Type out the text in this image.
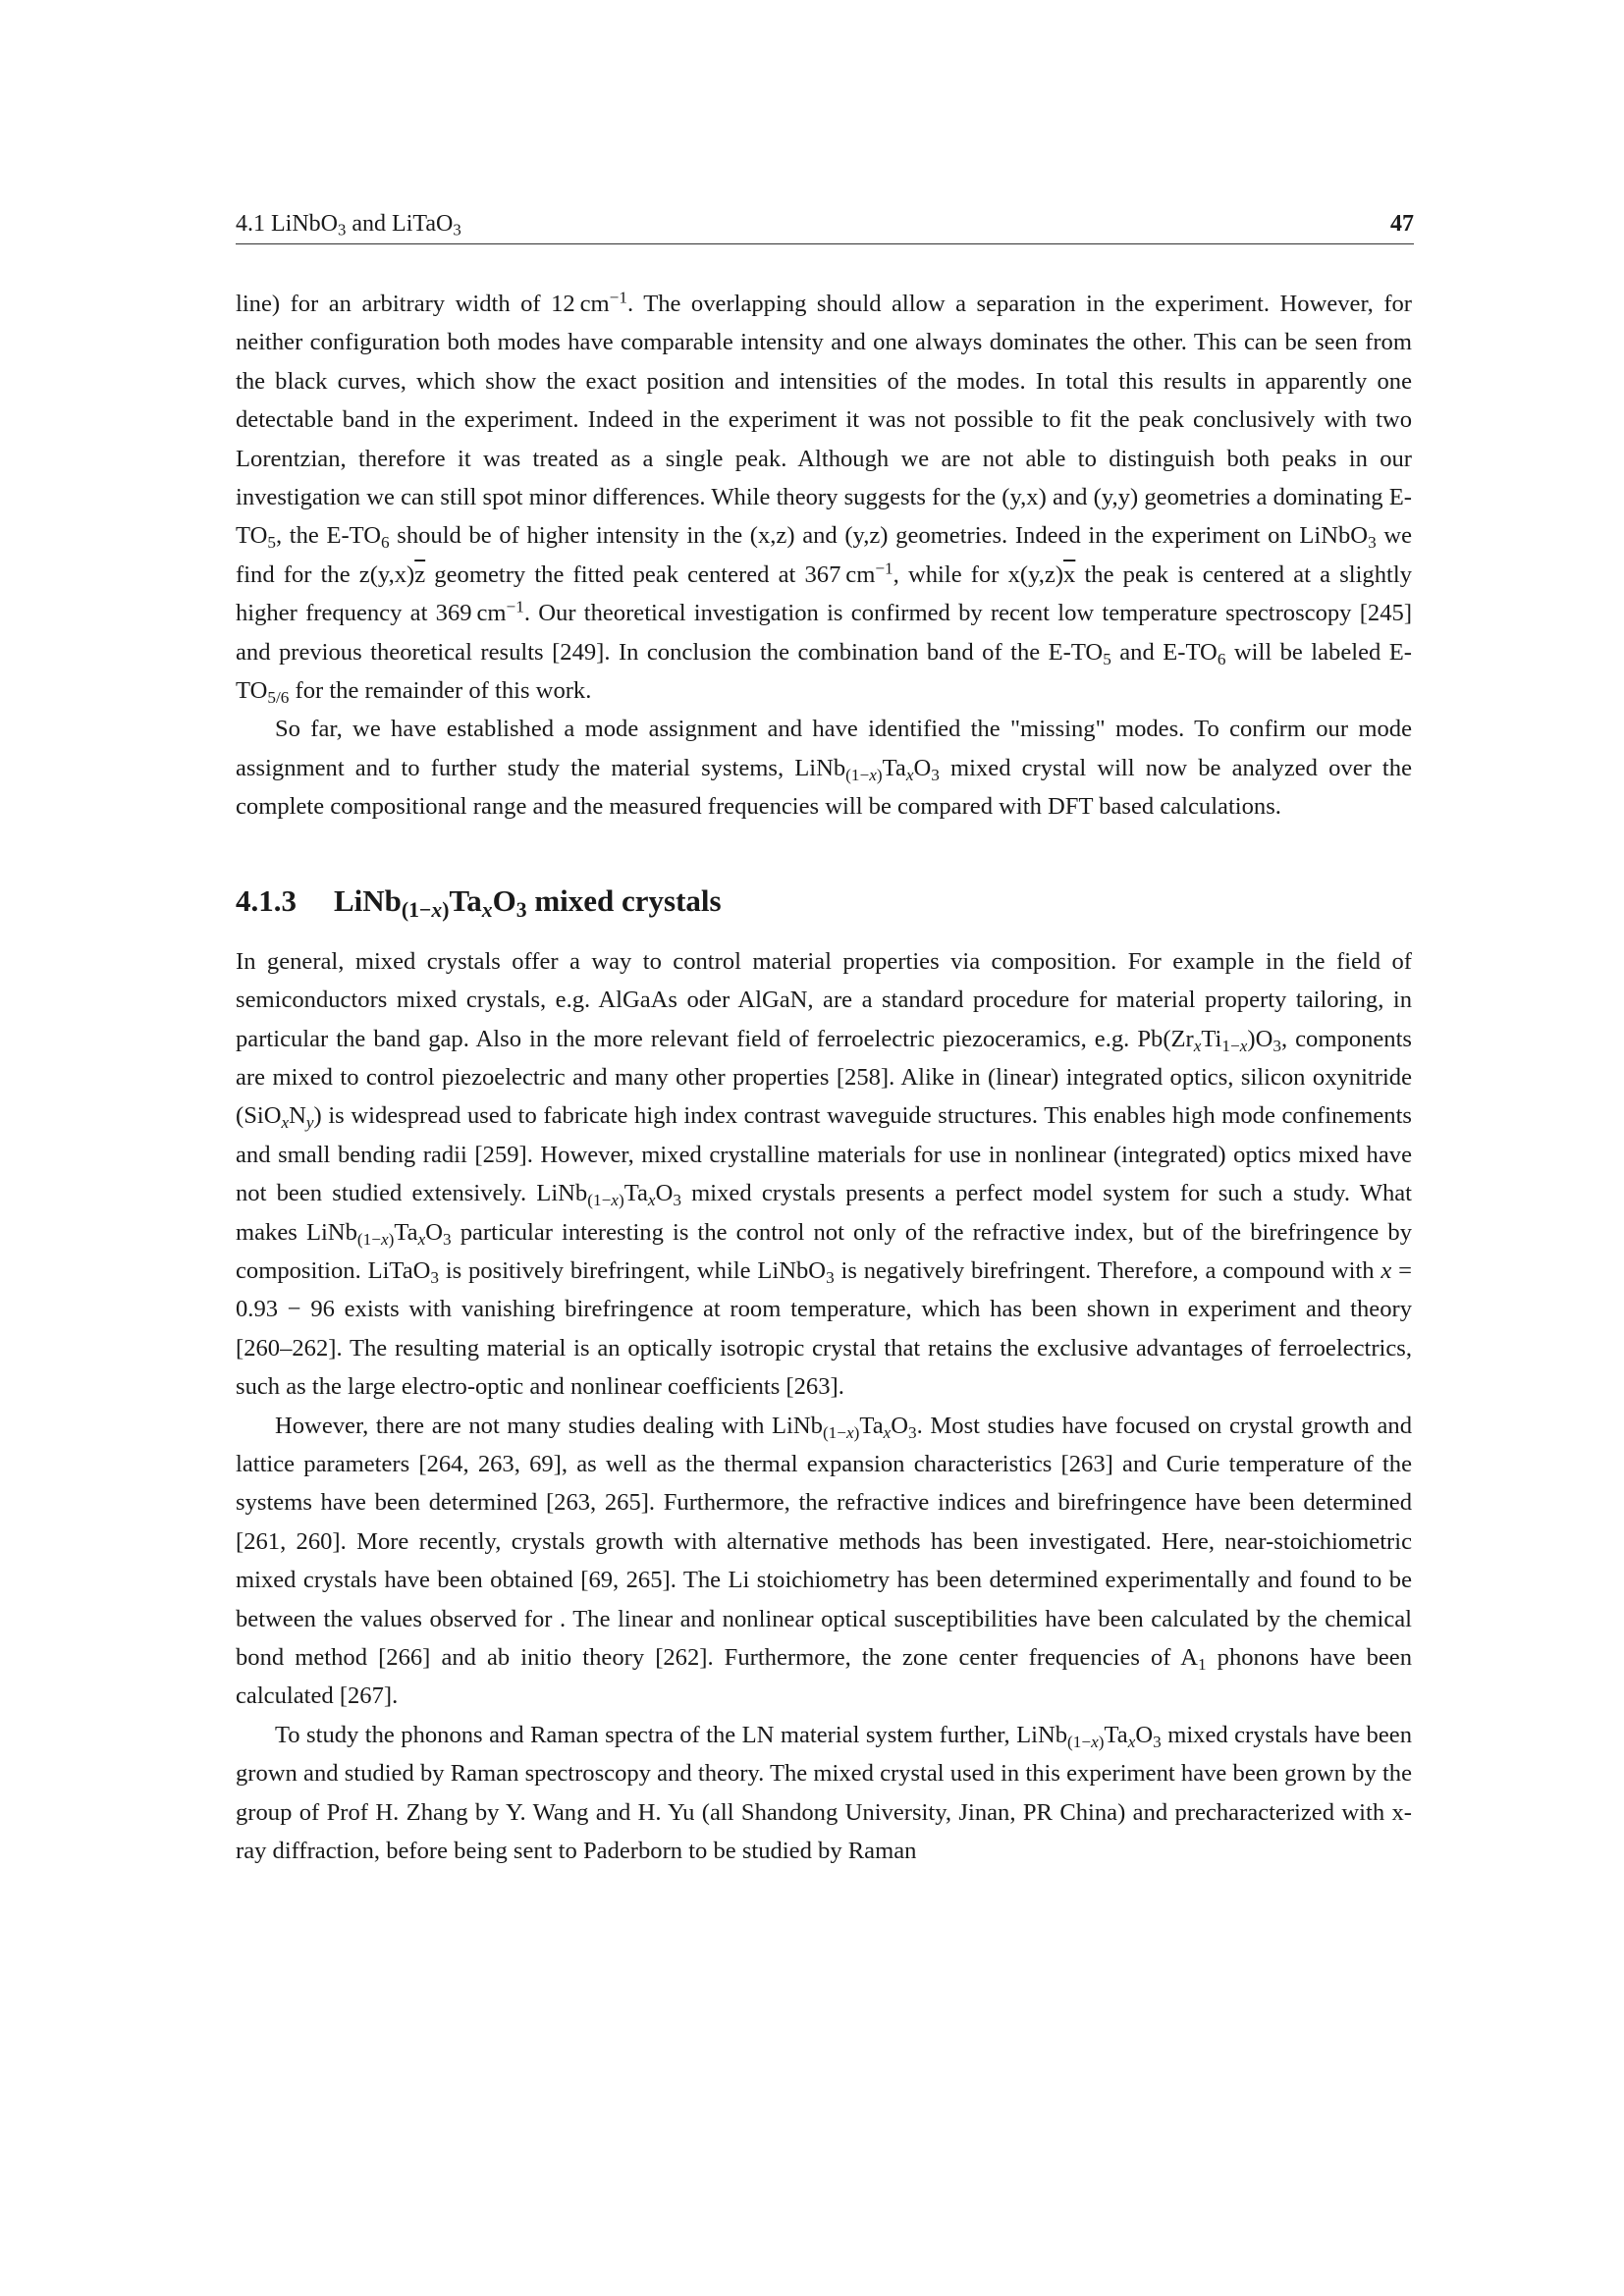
4.1 LiNbO$_3$ and LiTaO$_3$	47

line) for an arbitrary width of 12 $cm^{-1}$. The overlapping should allow a separation in the experiment. However, for neither configuration both modes have comparable intensity and one always dominates the other. This can be seen from the black curves, which show the exact position and intensities of the modes. In total this results in apparently one detectable band in the experiment. Indeed in the experiment it was not possible to fit the peak conclusively with two Lorentzian, therefore it was treated as a single peak. Although we are not able to distinguish both peaks in our investigation we can still spot minor differences. While theory suggests for the (y,x) and (y,y) geometries a dominating $E-TO_5$, the $E-TO_6$ should be of higher intensity in the (x,z) and (y,z) geometries. Indeed in the experiment on LiNbO$_3$ we find for the $z(y,x)\overline{z}$ geometry the fitted peak centered at 367 $cm^{-1}$, while for $x(y,z)\overline{x}$ the peak is centered at a slightly higher frequency at 369 $cm^{-1}$. Our theoretical investigation is confirmed by recent low temperature spectroscopy [245] and previous theoretical results [249]. In conclusion the combination band of the $E-TO_5$ and $E-TO_6$ will be labeled $E-TO_{5/6}$ for the remainder of this work.

So far, we have established a mode assignment and have identified the "missing" modes. To confirm our mode assignment and to further study the material systems, $LiNb_{(1-x)}Ta_xO_3$ mixed crystal will now be analyzed over the complete compositional range and the measured frequencies will be compared with DFT based calculations.

4.1.3 $LiNb_{(1-x)}Ta_xO_3$ mixed crystals

In general, mixed crystals offer a way to control material properties via composition. For example in the field of semiconductors mixed crystals, e.g. AlGaAs oder AlGaN, are a standard procedure for material property tailoring, in particular the band gap. Also in the more relevant field of ferroelectric piezoceramics, e.g. $Pb(Zr_xTi_{1-x})O_3$, components are mixed to control piezoelectric and many other properties [258]. Alike in (linear) integrated optics, silicon oxynitride $(SiO_xN_y)$ is widespread used to fabricate high index contrast waveguide structures. This enables high mode confinements and small bending radii [259]. However, mixed crystalline materials for use in nonlinear (integrated) optics mixed have not been studied extensively. $LiNb_{(1-x)}Ta_xO_3$ mixed crystals presents a perfect model system for such a study. What makes $LiNb_{(1-x)}Ta_xO_3$ particular interesting is the control not only of the refractive index, but of the birefringence by composition. LiTaO$_3$ is positively birefringent, while LiNbO$_3$ is negatively birefringent. Therefore, a compound with x = 0.93 − 96 exists with vanishing birefringence at room temperature, which has been shown in experiment and theory [260–262]. The resulting material is an optically isotropic crystal that retains the exclusive advantages of ferroelectrics, such as the large electro-optic and nonlinear coefficients [263].

However, there are not many studies dealing with $LiNb_{(1-x)}Ta_xO_3$. Most studies have focused on crystal growth and lattice parameters [264, 263, 69], as well as the thermal expansion characteristics [263] and Curie temperature of the systems have been determined [263, 265]. Furthermore, the refractive indices and birefringence have been determined [261, 260]. More recently, crystals growth with alternative methods has been investigated. Here, near-stoichiometric mixed crystals have been obtained [69, 265]. The Li stoichiometry has been determined experimentally and found to be between the values observed for . The linear and nonlinear optical susceptibilities have been calculated by the chemical bond method [266] and ab initio theory [262]. Furthermore, the zone center frequencies of $A_1$ phonons have been calculated [267].

To study the phonons and Raman spectra of the LN material system further, $LiNb_{(1-x)}Ta_xO_3$ mixed crystals have been grown and studied by Raman spectroscopy and theory. The mixed crystal used in this experiment have been grown by the group of Prof H. Zhang by Y. Wang and H. Yu (all Shandong University, Jinan, PR China) and precharacterized with x-ray diffraction, before being sent to Paderborn to be studied by Raman
